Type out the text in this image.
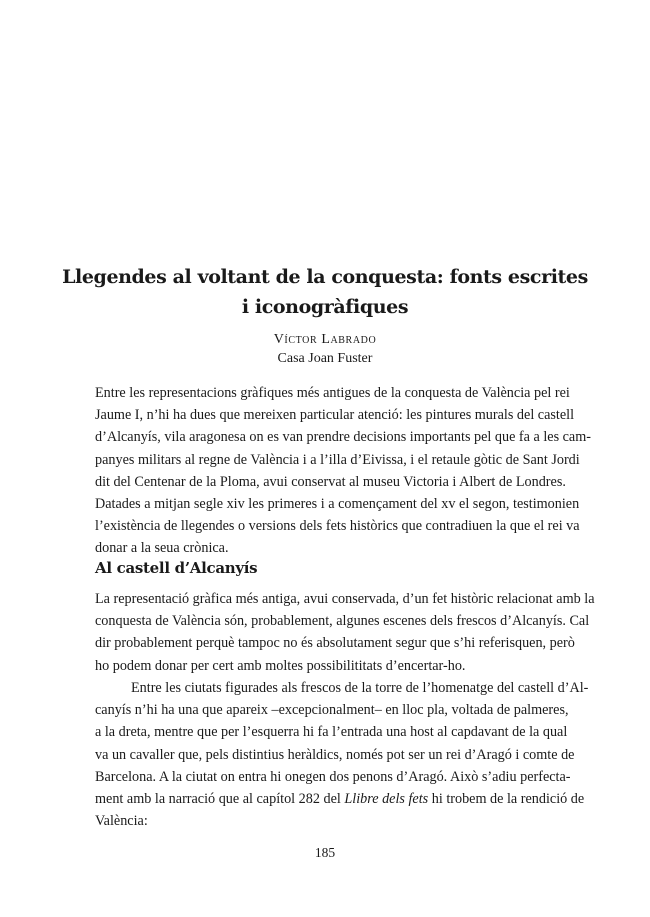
Llegendes al voltant de la conquesta: fonts escrites
i iconogràfiques
Víctor Labrado
Casa Joan Fuster
Entre les representacions gràfiques més antigues de la conquesta de València pel rei
Jaume I, n’hi ha dues que mereixen particular atenció: les pintures murals del castell
d’Alcanyís, vila aragonesa on es van prendre decisions importants pel que fa a les cam-
panyes militars al regne de València i a l’illa d’Eivissa, i el retaule gòtic de Sant Jordi
dit del Centenar de la Ploma, avui conservat al museu Victoria i Albert de Londres.
Datades a mitjan segle xiv les primeres i a començament del xv el segon, testimonien
l’existència de llegendes o versions dels fets històrics que contradiuen la que el rei va
donar a la seua crònica.
Al castell d’Alcanyís
La representació gràfica més antiga, avui conservada, d’un fet històric relacionat amb la
conquesta de València són, probablement, algunes escenes dels frescos d’Alcanyís. Cal
dir probablement perquè tampoc no és absolutament segur que s’hi referisquen, però
ho podem donar per cert amb moltes possibilititats d’encertar-ho.
Entre les ciutats figurades als frescos de la torre de l’homenatge del castell d’Al-
canyís n’hi ha una que apareix –excepcionalment– en lloc pla, voltada de palmeres,
a la dreta, mentre que per l’esquerra hi fa l’entrada una host al capdavant de la qual
va un cavaller que, pels distintius heràldics, només pot ser un rei d’Aragó i comte de
Barcelona. A la ciutat on entra hi onegen dos penons d’Aragó. Això s’adiu perfecta-
ment amb la narració que al capítol 282 del Llibre dels fets hi trobem de la rendició de
València:
185
